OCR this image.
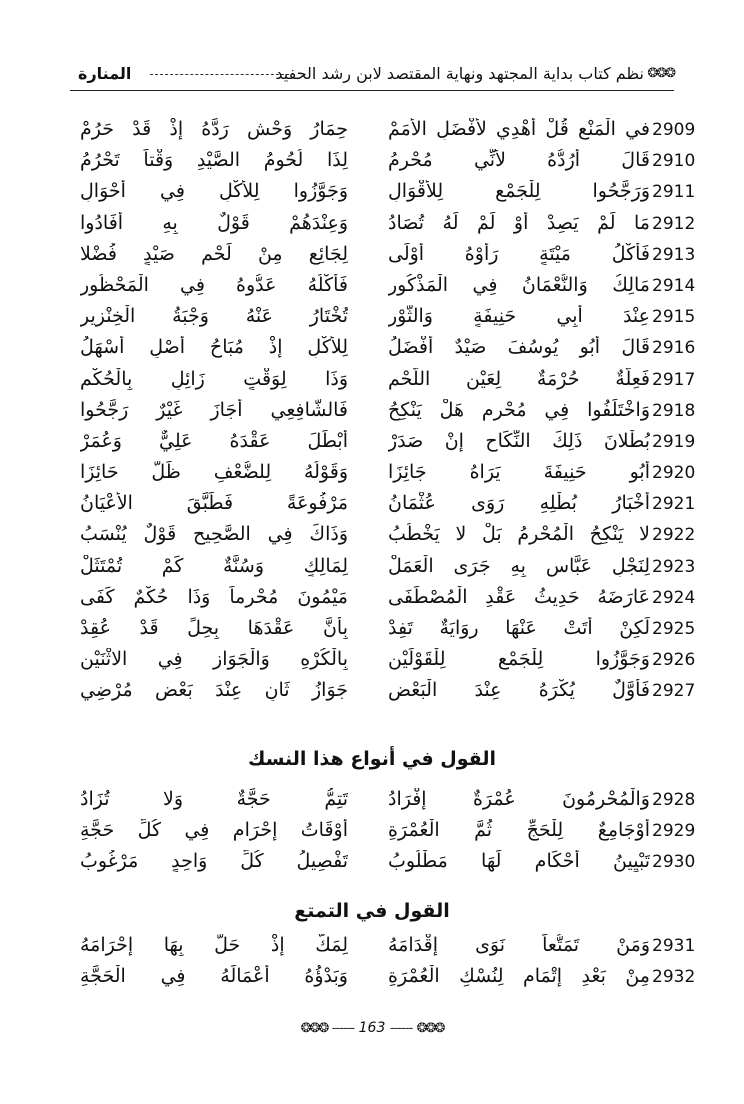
❂❂❂
نظم كتاب بداية المجتهد ونهاية المقتصد لابن رشد الحفيد
المنارة
2909
في الْمَنْعِ قُلْ أُهْدِي لأَفْضَلِ الأُمَمْ
حِمَارُ وَحْشٍ رَدَّهُ إِذْ قَدْ حَرُمْ
2910
قَالَ أَرُدُّهُ لأَنِّي مُحْرِمُ
لِذَا لُحُومُ الصَّيْدِ وَقْتاً تَحْرُمُ
2911
وَرَجَّحُوا لِلْجَمْعِ لِلأَقْوَالِ
وَجَوَّزُوا لِلأَكْلِ فِي أَحْوَالِ
2912
مَا لَمْ يَصِدْ أَوْ لَمْ لَهُ تُصَادُ
وَعِنْدَهُمْ قَوْلٌ بِهِ أَفَادُوا
2913
فَأَكْلُ مَيْتَةٍ رَأَوْهُ أَوْلَى
لِجَائِعٍ مِنْ لَحْمِ صَيْدٍ فُضْلا
2914
مَالِكُ وَالنُّعْمَانُ فِي الْمَذْكُورِ
فَأَكْلُهُ عَدُّوهُ فِي الْمَحْظُورِ
2915
عِنْدَ أَبِي حَنِيفَةٍ وَالثَّوْرِ
تُخْتَارُ عَنْهُ وَجْبَةُ الْخِنْزِيرِ
2916
قَالَ أَبُو يُوسُفَ صَيْدٌ أَفْضَلُ
لِلأَكْلِ إِذْ مُبَاحُ أَصْلٍ أَسْهَلُ
2917
فَعِلَّةٌ حُرْمَةٌ لِعَيْنِ اللَّحْمِ
وَذَا لِوَقْتٍ زَائِلٍ بِالْحُكْمِ
2918
وَاخْتَلَفُوا فِي مُحْرِمٍ هَلْ يَنْكِحُ
فَالشَّافِعِي أَجَازَ غَيْرٌ رَجَّحُوا
2919
بُطْلانَ ذَلِكَ النِّكَاحِ إِنْ صَدَرْ
أَبْطَلَ عَقْدَهُ عَلِيٌّ وَعُمَرْ
2920
أَبُو حَنِيفَةَ يَرَاهُ جَائِزَا
وَقَوْلُهُ لِلضُّعْفِ ظَلَّ حَائِزَا
2921
أَخْبَارُ بُطْلِهِ رَوَى عُثْمَانُ
مَرْفُوعَةً فَطَبَّقَ الأَعْيَانُ
2922
لا يَنْكِحُ الْمُحْرِمُ بَلْ لا يَخْطُبُ
وَذَاكَ فِي الصَّحِيحِ قَوْلٌ يُنْسَبُ
2923
لِنَجْلِ عَبَّاسٍ بِهِ جَرَى الْعَمَلْ
لِمَالِكٍ وَسُنَّةٌ كَمْ تُمْتَثَلْ
2924
عَارَضَهُ حَدِيثُ عَقْدِ الْمُصْطَفَى
مَيْمُونَ مُحْرِماً وَذَا حُكْمٌ كَفَى
2925
لَكِنْ أَتَتْ عَنْهَا رِوَايَةٌ تَفِدْ
بِأَنَّ عَقْدَهَا بِحِلٍّ قَدْ عُقِدْ
2926
وَجَوَّزُوا لِلْجَمْعِ لِلْقَوْلَيْنِ
بِالْكُرْهِ وَالْجَوَازِ فِي الاثْنَيْنِ
2927
فَأَوَّلٌ يُكْرَهُ عِنْدَ الْبَعْضِ
جَوَازُ ثَانٍ عِنْدَ بَعْضٍ مُرْضِي
القول في أنواع هذا النسك
2928
وَالْمُحْرِمُونَ عُمْرَةٌ إِفْرَادُ
تَتِمُّ حَجَّةٌ وَلا تُزَادُ
2929
أَوْجَامِعٌ لِلْحَجِّ ثُمَّ الْعُمْرَةِ
أَوْقَاتُ إِحْرَامٍ فِي كُلِّ حَجَّةِ
2930
تَبْيِينُ أَحْكَامٍ لَهَا مَطْلُوبُ
تَفْصِيلُ كُلِّ وَاحِدٍ مَرْغُوبُ
القول في التمتع
2931
وَمَنْ تَمَتُّعاً نَوَى إِقْدَامَهُ
لِمَكَّ إِذْ حَلَّ بِهَا إِحْرَامَهُ
2932
مِنْ بَعْدِ إِتْمَامٍ لِنُسْكِ الْعُمْرَةِ
وَبَدْؤُهُ أَعْمَالَهُ فِي الْحَجَّةِ
❂❂❂ ------ 163 ------ ❂❂❂
